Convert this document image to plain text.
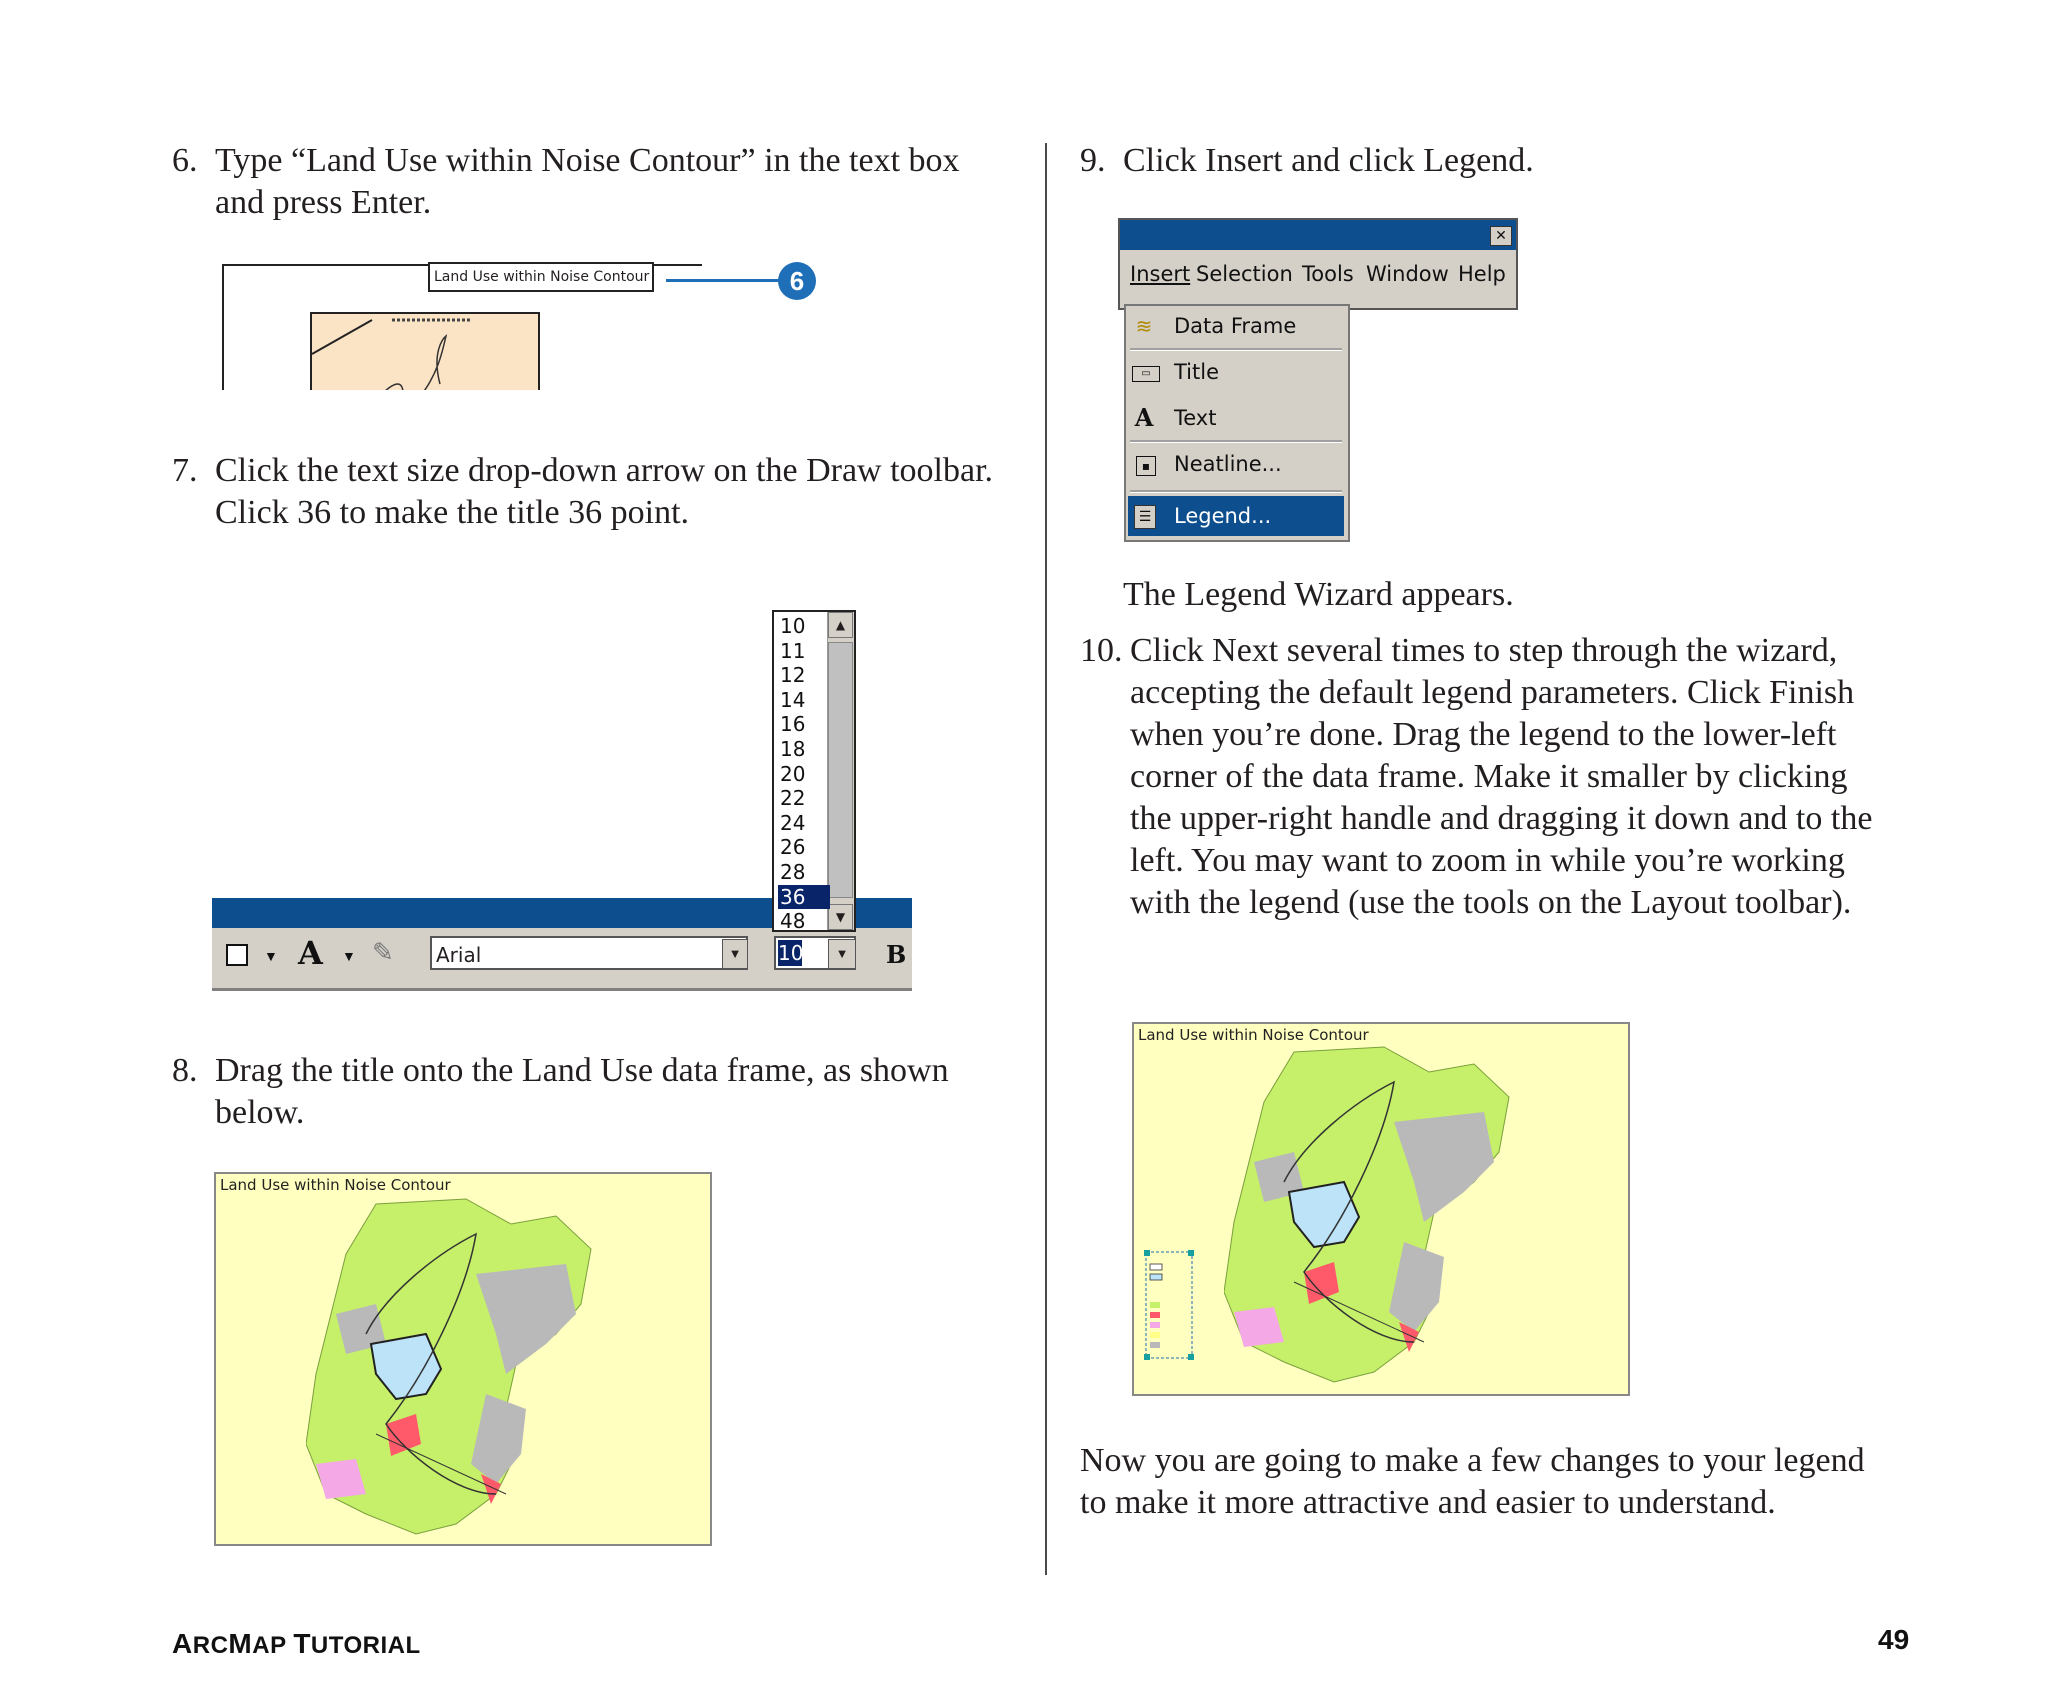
6. Type “Land Use within Noise Contour” in the text box
and press Enter.
Land Use within Noise Contour	6
7. Click the text size drop-down arrow on the Draw toolbar.
Click 36 to make the title 36 point.
▼ A ▼ ✎	Arial	▼	10	▼	B
▲
▼
10
11
12
14
16
18
20
22
24
26
28
36
48
8. Drag the title onto the Land Use data frame, as shown
below.
Land Use within Noise Contour
9. Click Insert and click Legend.
✕
Insert Selection Tools Window Help
≋ Data Frame
▭	Title
A Text
▪ Neatline...
☰ Legend...
The Legend Wizard appears.
10. Click Next several times to step through the wizard,
accepting the default legend parameters. Click Finish
when you’re done. Drag the legend to the lower-left
corner of the data frame. Make it smaller by clicking
the upper-right handle and dragging it down and to the
left. You may want to zoom in while you’re working
with the legend (use the tools on the Layout toolbar).
Land Use within Noise Contour
Now you are going to make a few changes to your legend
to make it more attractive and easier to understand.
ARCMAP TUTORIAL	49
